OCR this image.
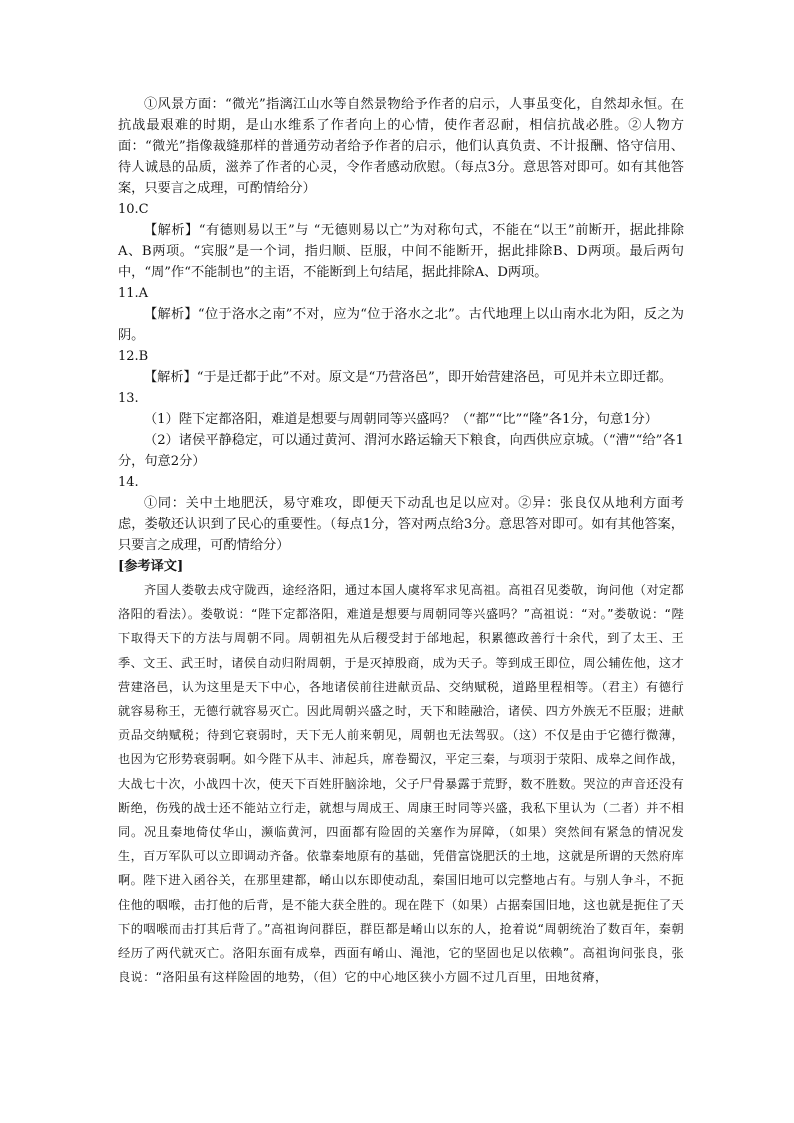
①风景方面：“微光”指漓江山水等自然景物给予作者的启示，人事虽变化，自然却永恒。在抗战最艰难的时期，是山水维系了作者向上的心情，使作者忍耐，相信抗战必胜。②人物方面：“微光”指像裁缝那样的普通劳动者给予作者的启示，他们认真负责、不计报酬、恪守信用、待人诚恳的品质，滋养了作者的心灵，令作者感动欣慰。（每点3分。意思答对即可。如有其他答案，只要言之成理，可酌情给分）

10.C

【解析】“有德则易以王”与 “无德则易以亡”为对称句式，不能在“以王”前断开，据此排除A、B两项。“宾服”是一个词，指归顺、臣服，中间不能断开，据此排除B、D两项。最后两句中，“周”作“不能制也”的主语，不能断到上句结尾，据此排除A、D两项。

11.A

【解析】“位于洛水之南”不对，应为“位于洛水之北”。古代地理上以山南水北为阳，反之为阴。

12.B

【解析】“于是迁都于此”不对。原文是“乃营洛邑”，即开始营建洛邑，可见并未立即迁都。

13.

（1）陛下定都洛阳，难道是想要与周朝同等兴盛吗？（“都”“比”“隆”各1分，句意1分）

（2）诸侯平静稳定，可以通过黄河、渭河水路运输天下粮食，向西供应京城。（“漕”“给”各1分，句意2分）

14.

①同：关中土地肥沃，易守难攻，即便天下动乱也足以应对。②异：张良仅从地利方面考虑，娄敬还认识到了民心的重要性。（每点1分，答对两点给3分。意思答对即可。如有其他答案，只要言之成理，可酌情给分）

[参考译文]

齐国人娄敬去戍守陇西，途经洛阳，通过本国人虞将军求见高祖。高祖召见娄敬，询问他（对定都洛阳的看法）。娄敬说：“陛下定都洛阳，难道是想要与周朝同等兴盛吗？”高祖说：“对。”娄敬说：“陛下取得天下的方法与周朝不同。周朝祖先从后稷受封于邰地起，积累德政善行十余代，到了太王、王季、文王、武王时，诸侯自动归附周朝，于是灭掉殷商，成为天子。等到成王即位，周公辅佐他，这才营建洛邑，认为这里是天下中心，各地诸侯前往进献贡品、交纳赋税，道路里程相等。（君主）有德行就容易称王，无德行就容易灭亡。因此周朝兴盛之时，天下和睦融洽，诸侯、四方外族无不臣服；进献贡品交纳赋税；待到它衰弱时，天下无人前来朝见，周朝也无法驾驭。（这）不仅是由于它德行微薄，也因为它形势衰弱啊。如今陛下从丰、沛起兵，席卷蜀汉，平定三秦，与项羽于荥阳、成皋之间作战，大战七十次，小战四十次，使天下百姓肝脑涂地，父子尸骨暴露于荒野，数不胜数。哭泣的声音还没有断绝，伤残的战士还不能站立行走，就想与周成王、周康王时同等兴盛，我私下里认为（二者）并不相同。况且秦地倚仗华山，濒临黄河，四面都有险固的关塞作为屏障，（如果）突然间有紧急的情况发生，百万军队可以立即调动齐备。依靠秦地原有的基础，凭借富饶肥沃的土地，这就是所谓的天然府库啊。陛下进入函谷关，在那里建都，崤山以东即使动乱，秦国旧地可以完整地占有。与别人争斗，不扼住他的咽喉，击打他的后背，是不能大获全胜的。现在陛下（如果）占据秦国旧地，这也就是扼住了天下的咽喉而击打其后背了。”高祖询问群臣，群臣都是崤山以东的人，抢着说“周朝统治了数百年，秦朝经历了两代就灭亡。洛阳东面有成皋，西面有崤山、渑池，它的坚固也足以依赖”。高祖询问张良，张良说：“洛阳虽有这样险固的地势，（但）它的中心地区狭小方圆不过几百里，田地贫瘠，
